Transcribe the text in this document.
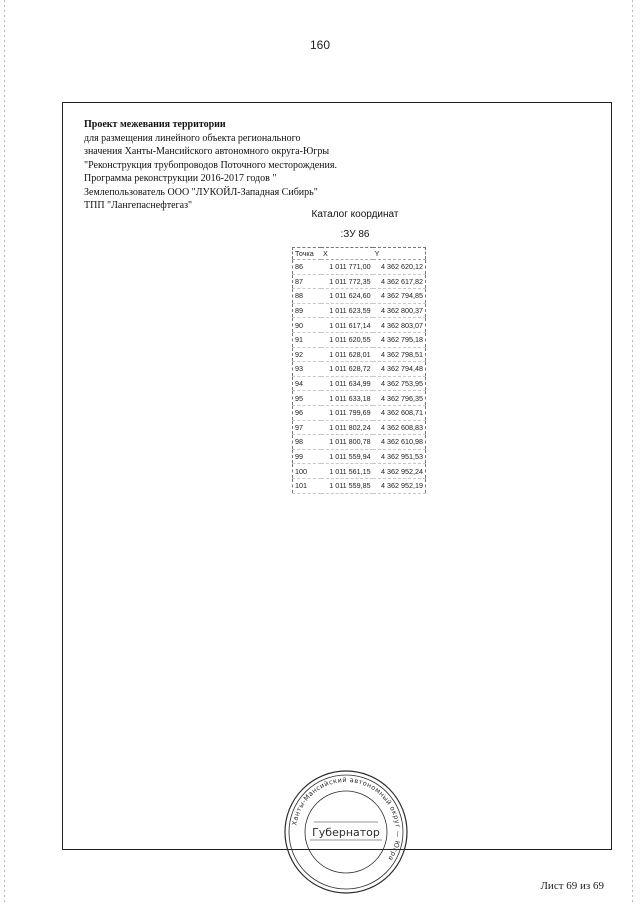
160
Проект межевания территории
для размещения линейного объекта регионального
значения Ханты-Мансийского автономного округа-Югры
"Реконструкция трубопроводов Поточного месторождения.
Программа реконструкции 2016-2017 годов "
Землепользователь ООО "ЛУКОЙЛ-Западная Сибирь"
ТПП "Лангепаснефтегаз"
Каталог координат
:ЗУ 86
Точка	X	Y
86	1 011 771,00	4 362 620,12
87	1 011 772,35	4 362 617,82
88	1 011 624,60	4 362 794,85
89	1 011 623,59	4 362 800,37
90	1 011 617,14	4 362 803,07
91	1 011 620,55	4 362 795,18
92	1 011 628,01	4 362 798,51
93	1 011 628,72	4 362 794,48
94	1 011 634,99	4 362 753,95
95	1 011 633,18	4 362 796,35
96	1 011 799,69	4 362 608,71
97	1 011 802,24	4 362 608,83
98	1 011 800,78	4 362 610,98
99	1 011 559,94	4 362 951,53
100	1 011 561,15	4 362 952,24
101	1 011 559,85	4 362 952,19
Ханты-Мансийский автономный округ — Югра
Губернатор
Лист 69 из 69
